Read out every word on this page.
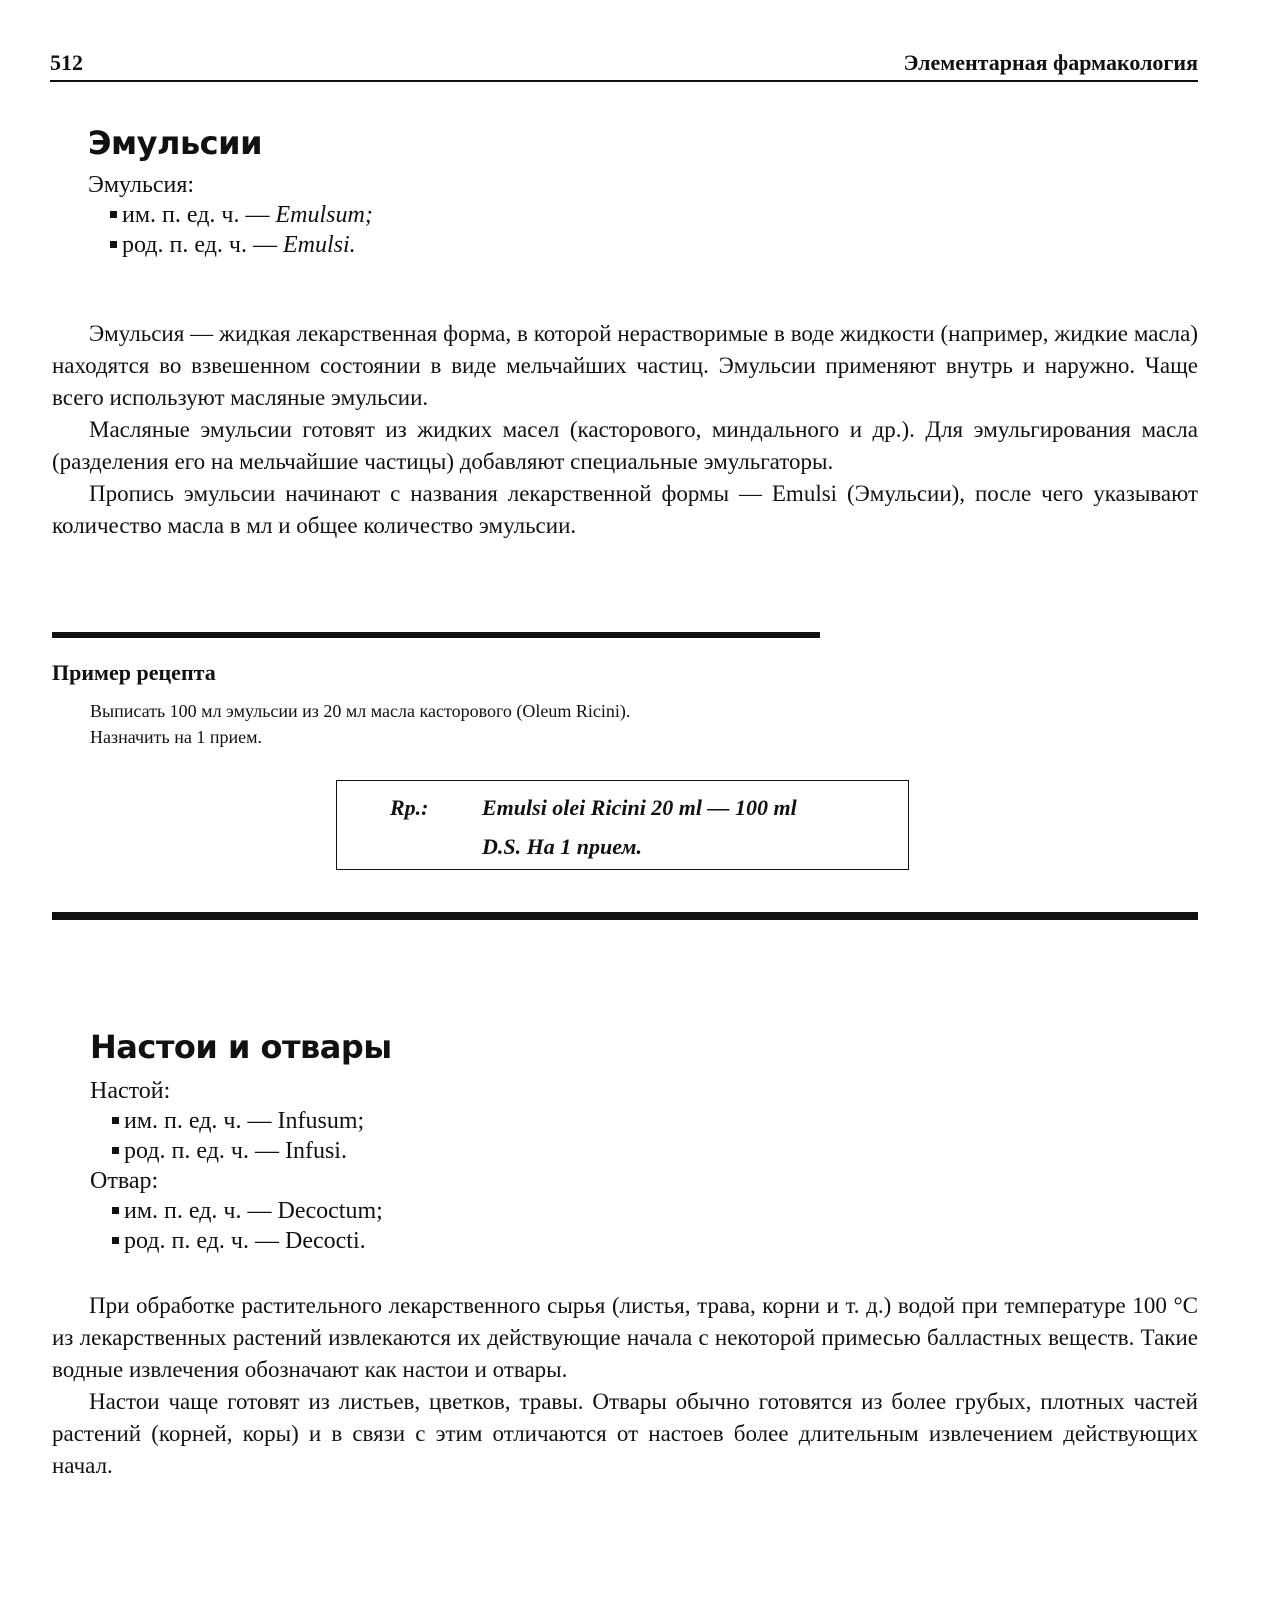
512	Элементарная фармакология
Эмульсии
Эмульсия:
им. п. ед. ч. — Emulsum;
род. п. ед. ч. — Emulsi.

Эмульсия — жидкая лекарственная форма, в которой нерастворимые в воде жидкости (например, жидкие масла) находятся во взвешенном состоянии в виде мельчайших частиц. Эмульсии применяют внутрь и наружно. Чаще всего используют масляные эмульсии.

Масляные эмульсии готовят из жидких масел (касторового, миндального и др.). Для эмульгирования масла (разделения его на мельчайшие частицы) добавляют специальные эмульгаторы.

Пропись эмульсии начинают с названия лекарственной формы — Emulsi (Эмульсии), после чего указывают количество масла в мл и общее количество эмульсии.

Пример рецепта
Выписать 100 мл эмульсии из 20 мл масла касторового (Oleum Ricini).
Назначить на 1 прием.
Rp.: Emulsi olei Ricini 20 ml — 100 ml
D.S. На 1 прием.
Настои и отвары
Настой:
им. п. ед. ч. — Infusum;
род. п. ед. ч. — Infusi.
Отвар:
им. п. ед. ч. — Decoctum;
род. п. ед. ч. — Decocti.

При обработке растительного лекарственного сырья (листья, трава, корни и т. д.) водой при температуре 100 °С из лекарственных растений извлекаются их действующие начала с некоторой примесью балластных веществ. Такие водные извлечения обозначают как настои и отвары.

Настои чаще готовят из листьев, цветков, травы. Отвары обычно готовятся из более грубых, плотных частей растений (корней, коры) и в связи с этим отличаются от настоев более длительным извлечением действующих начал.
